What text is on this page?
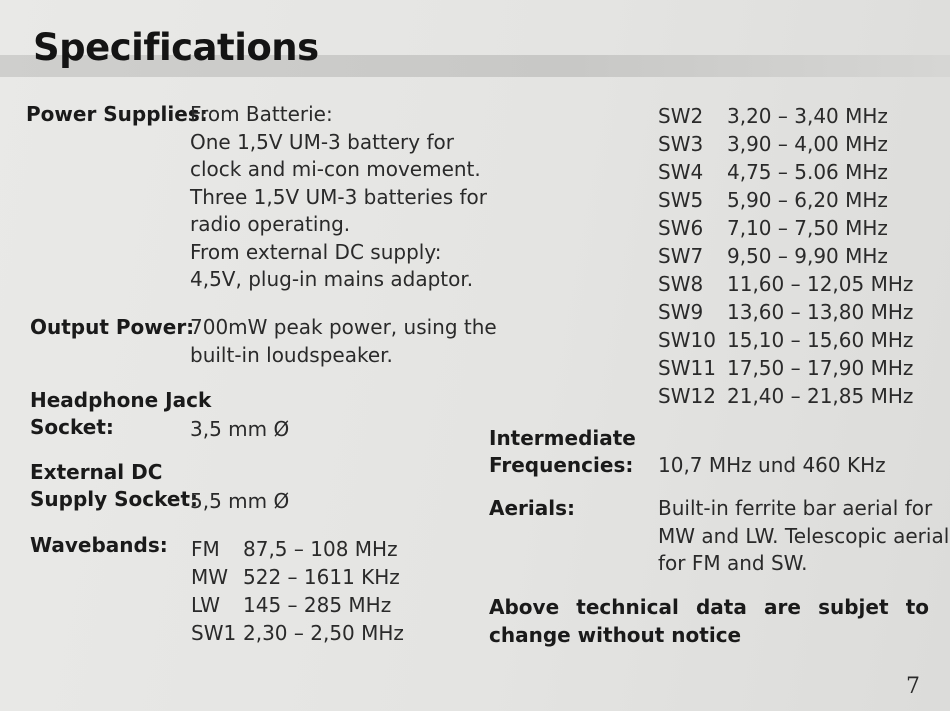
Specifications
Power Supplies:
From Batterie:
One 1,5V UM-3 battery for
clock and mi-con movement.
Three 1,5V UM-3 batteries for
radio operating.
From external DC supply:
4,5V, plug-in mains adaptor.
Output Power:
700mW peak power, using the
built-in loudspeaker.
Headphone Jack
Socket:	3,5 mm Ø
External DC
Supply Socket:
5,5 mm Ø
Wavebands: FM 87,5 – 108 MHz
MW 522 – 1611 KHz
LW 145 – 285 MHz
SW1 2,30 – 2,50 MHz
SW2 3,20 – 3,40 MHz
SW3 3,90 – 4,00 MHz
SW4 4,75 – 5.06 MHz
SW5 5,90 – 6,20 MHz
SW6 7,10 – 7,50 MHz
SW7 9,50 – 9,90 MHz
SW8 11,60 – 12,05 MHz
SW9 13,60 – 13,80 MHz
SW10 15,10 – 15,60 MHz
SW11 17,50 – 17,90 MHz
SW12 21,40 – 21,85 MHz
Intermediate
Frequencies: 10,7 MHz und 460 KHz
Aerials:	Built-in ferrite bar aerial for
MW and LW. Telescopic aerial
for FM and SW.
Above technical data are subjet to change without notice
7
